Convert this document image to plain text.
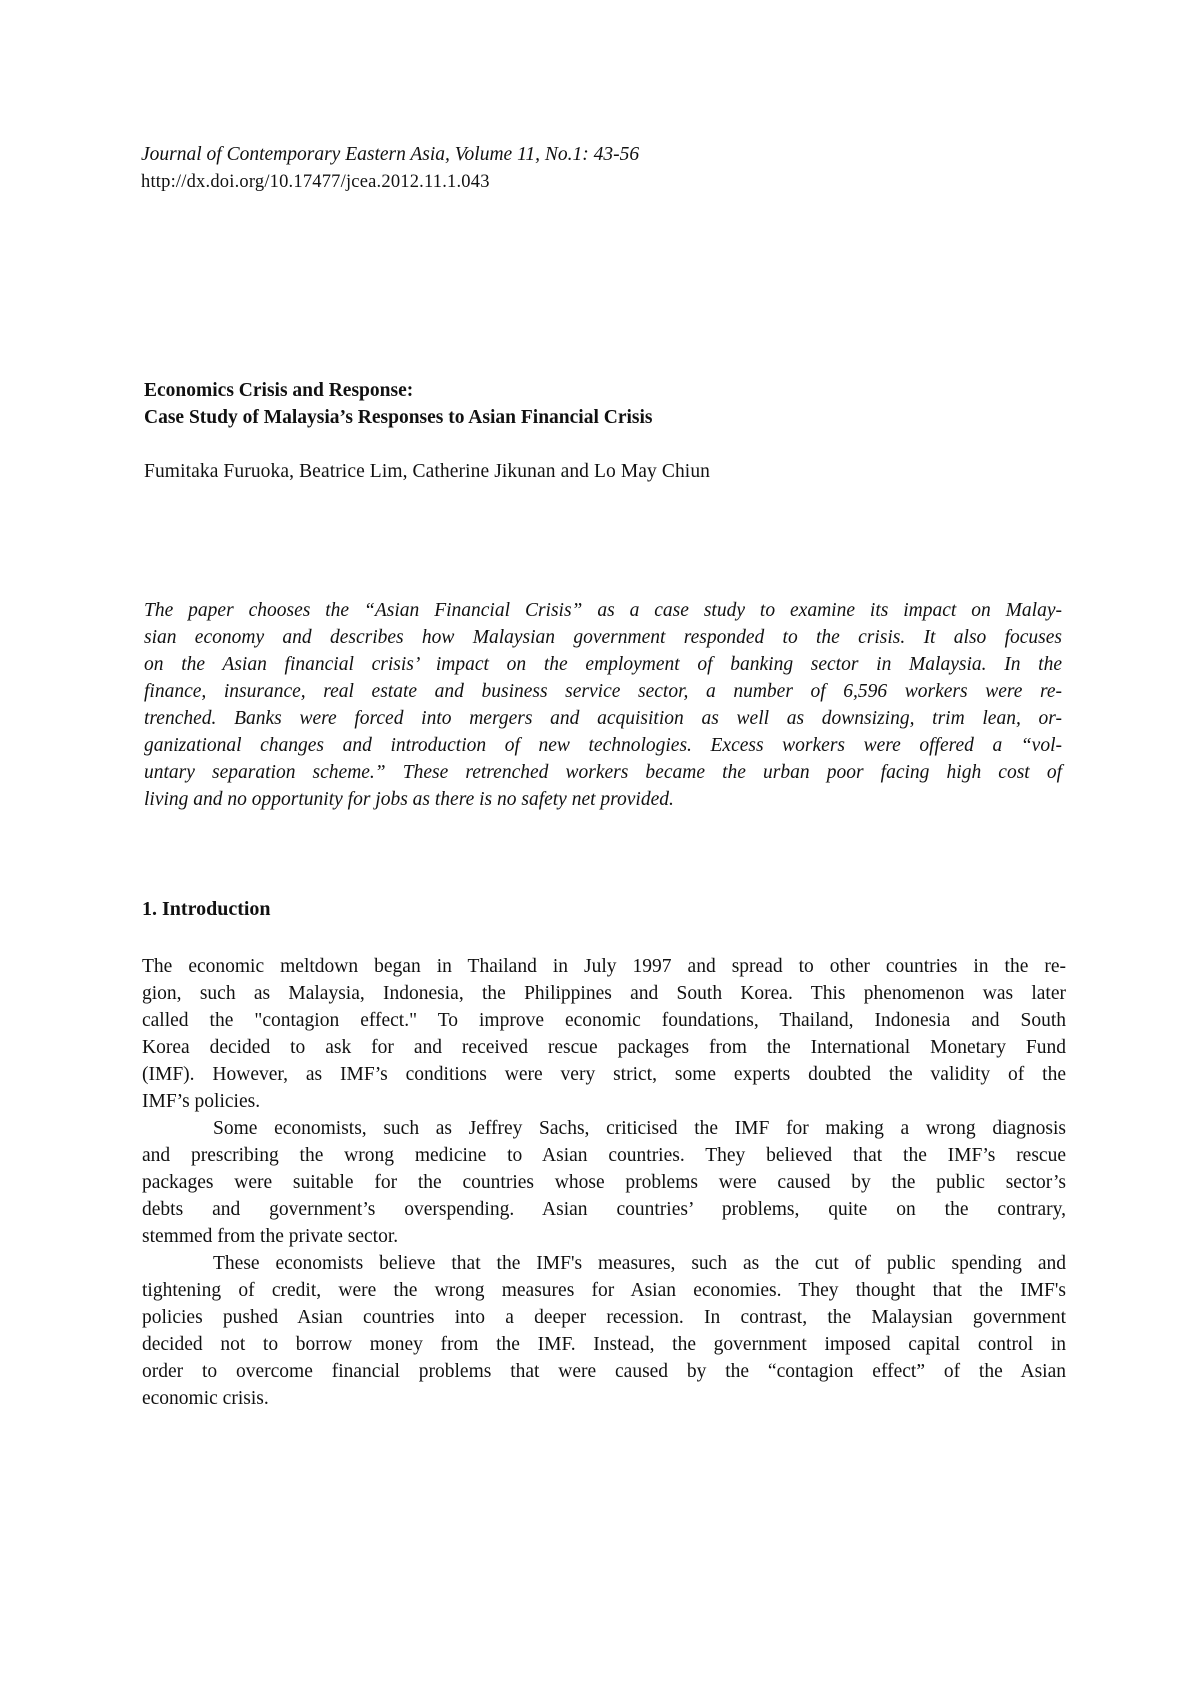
Journal of Contemporary Eastern Asia, Volume 11, No.1: 43-56
http://dx.doi.org/10.17477/jcea.2012.11.1.043
Economics Crisis and Response:
Case Study of Malaysia’s Responses to Asian Financial Crisis
Fumitaka Furuoka, Beatrice Lim, Catherine Jikunan and Lo May Chiun
The paper chooses the “Asian Financial Crisis” as a case study to examine its impact on Malay-
sian economy and describes how Malaysian government responded to the crisis. It also focuses
on the Asian financial crisis’ impact on the employment of banking sector in Malaysia. In the
finance, insurance, real estate and business service sector, a number of 6,596 workers were re-
trenched. Banks were forced into mergers and acquisition as well as downsizing, trim lean, or-
ganizational changes and introduction of new technologies. Excess workers were offered a “vol-
untary separation scheme.” These retrenched workers became the urban poor facing high cost of
living and no opportunity for jobs as there is no safety net provided.
1. Introduction
The economic meltdown began in Thailand in July 1997 and spread to other countries in the re-
gion, such as Malaysia, Indonesia, the Philippines and South Korea. This phenomenon was later
called the "contagion effect." To improve economic foundations, Thailand, Indonesia and South
Korea decided to ask for and received rescue packages from the International Monetary Fund
(IMF). However, as IMF’s conditions were very strict, some experts doubted the validity of the
IMF’s policies.
Some economists, such as Jeffrey Sachs, criticised the IMF for making a wrong diagnosis
and prescribing the wrong medicine to Asian countries. They believed that the IMF’s rescue
packages were suitable for the countries whose problems were caused by the public sector’s
debts and government’s overspending. Asian countries’ problems, quite on the contrary,
stemmed from the private sector.
These economists believe that the IMF's measures, such as the cut of public spending and
tightening of credit, were the wrong measures for Asian economies. They thought that the IMF's
policies pushed Asian countries into a deeper recession. In contrast, the Malaysian government
decided not to borrow money from the IMF. Instead, the government imposed capital control in
order to overcome financial problems that were caused by the “contagion effect” of the Asian
economic crisis.
